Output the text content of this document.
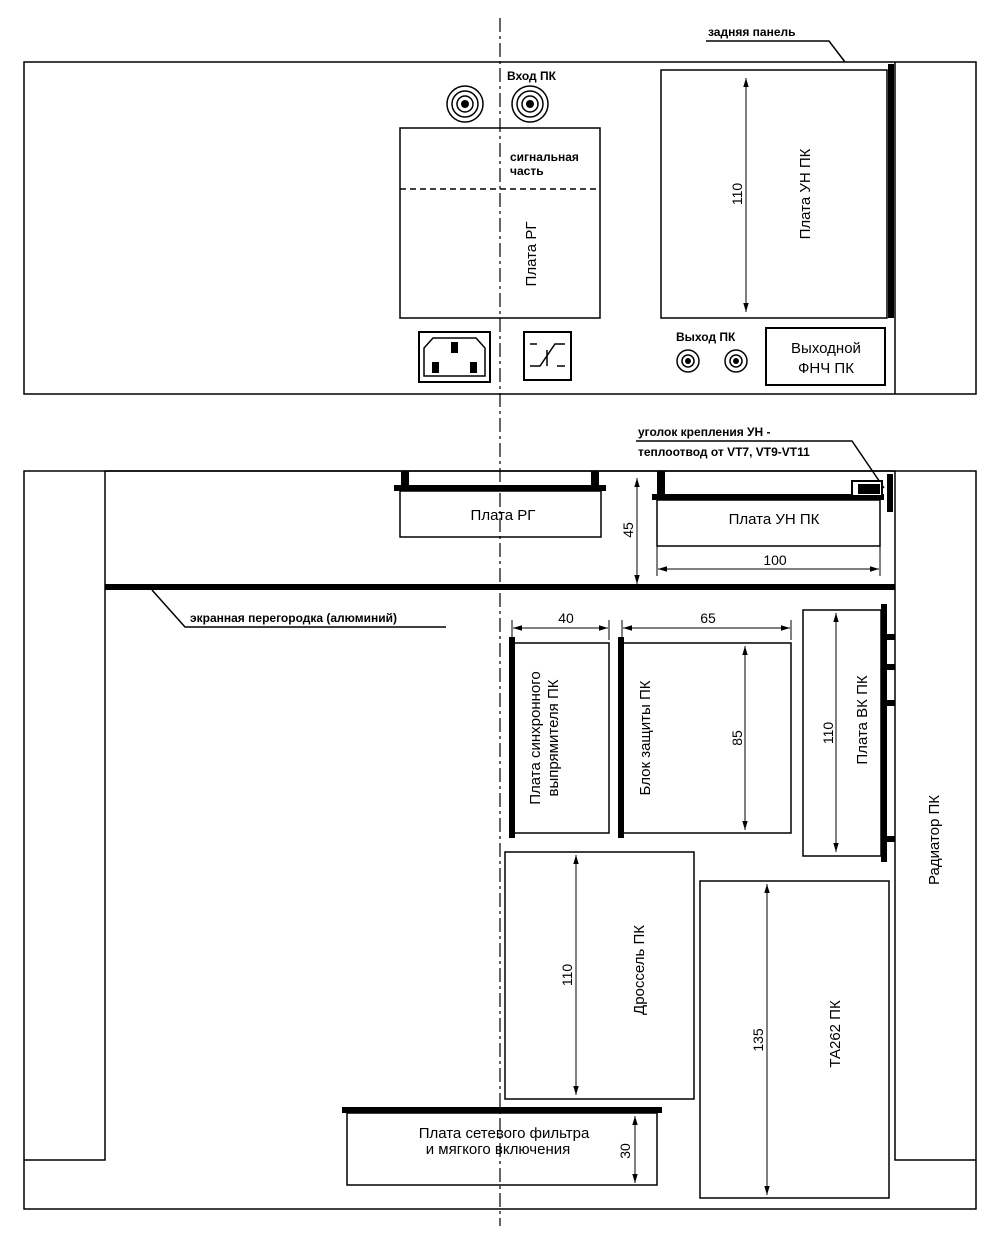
задняя панель
Вход ПК
сигнальная
часть
Плата РГ
110	Плата УН ПК
Выход ПК
Выходной
ФНЧ ПК
уголок крепления УН -
теплоотвод от VT7, VT9-VT11
Плата РГ	Плата УН ПК
45
100
экранная перегородка (алюминий)	40
Плата синхронного выпрямителя ПК
65
85
Блок защиты ПК	110 Плата ВК ПК
Радиатор ПК
110	Дроссель ПК
135	ТА262 ПК
30
Плата сетевого фильтра
и мягкого включения
